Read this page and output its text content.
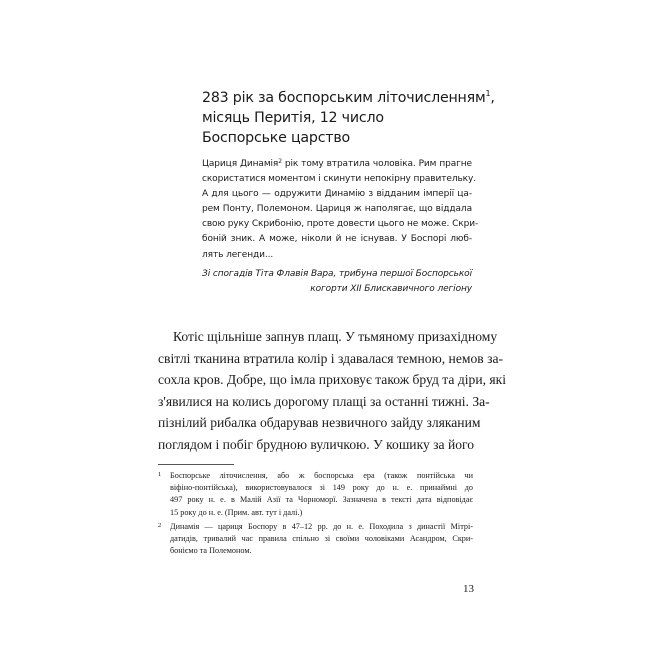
283 рік за боспорським літочисленням$^1$,
місяць Перитія, 12 число
Боспорське царство
Цариця Динамія$^2$ рік тому втратила чоловіка. Рим прагне
скористатися моментом і скинути непокірну правительку.
А для цього — одружити Динамію з відданим імперії ца-
рем Понту, Полемоном. Цариця ж наполягає, що віддала
свою руку Скрибонію, проте довести цього не може. Скри-
боній зник. А може, ніколи й не існував. У Боспорі люб-
лять легенди...
Зі спогадів Тіта Флавія Вара, трибуна першої Боспорської
когорти XII Блискавичного легіону
Котіс щільніше запнув плащ. У тьмяному призахідному
світлі тканина втратила колір і здавалася темною, немов за-
сохла кров. Добре, що імла приховує також бруд та діри, які
з'явилися на колись дорогому плащі за останні тижні. За-
пізнілий рибалка обдарував незвичного зайду зляканим
поглядом і побіг брудною вуличкою. У кошику за його
1 Боспорське літочислення, або ж боспорська ера (також понтійська чи
віфіно-понтійська), використовувалося зі 149 року до н. е. принаймні до
497 року н. е. в Малій Азії та Чорноморї. Зазначена в тексті дата відповідає
15 року до н. е. (Прим. авт. тут і далі.)
2 Динамія — цариця Боспору в 47–12 рр. до н. е. Походила з династії Мітрі-
датидів, тривалий час правила спільно зі своїми чоловіками Асандром, Скри-
боніємо та Полемоном.
13
